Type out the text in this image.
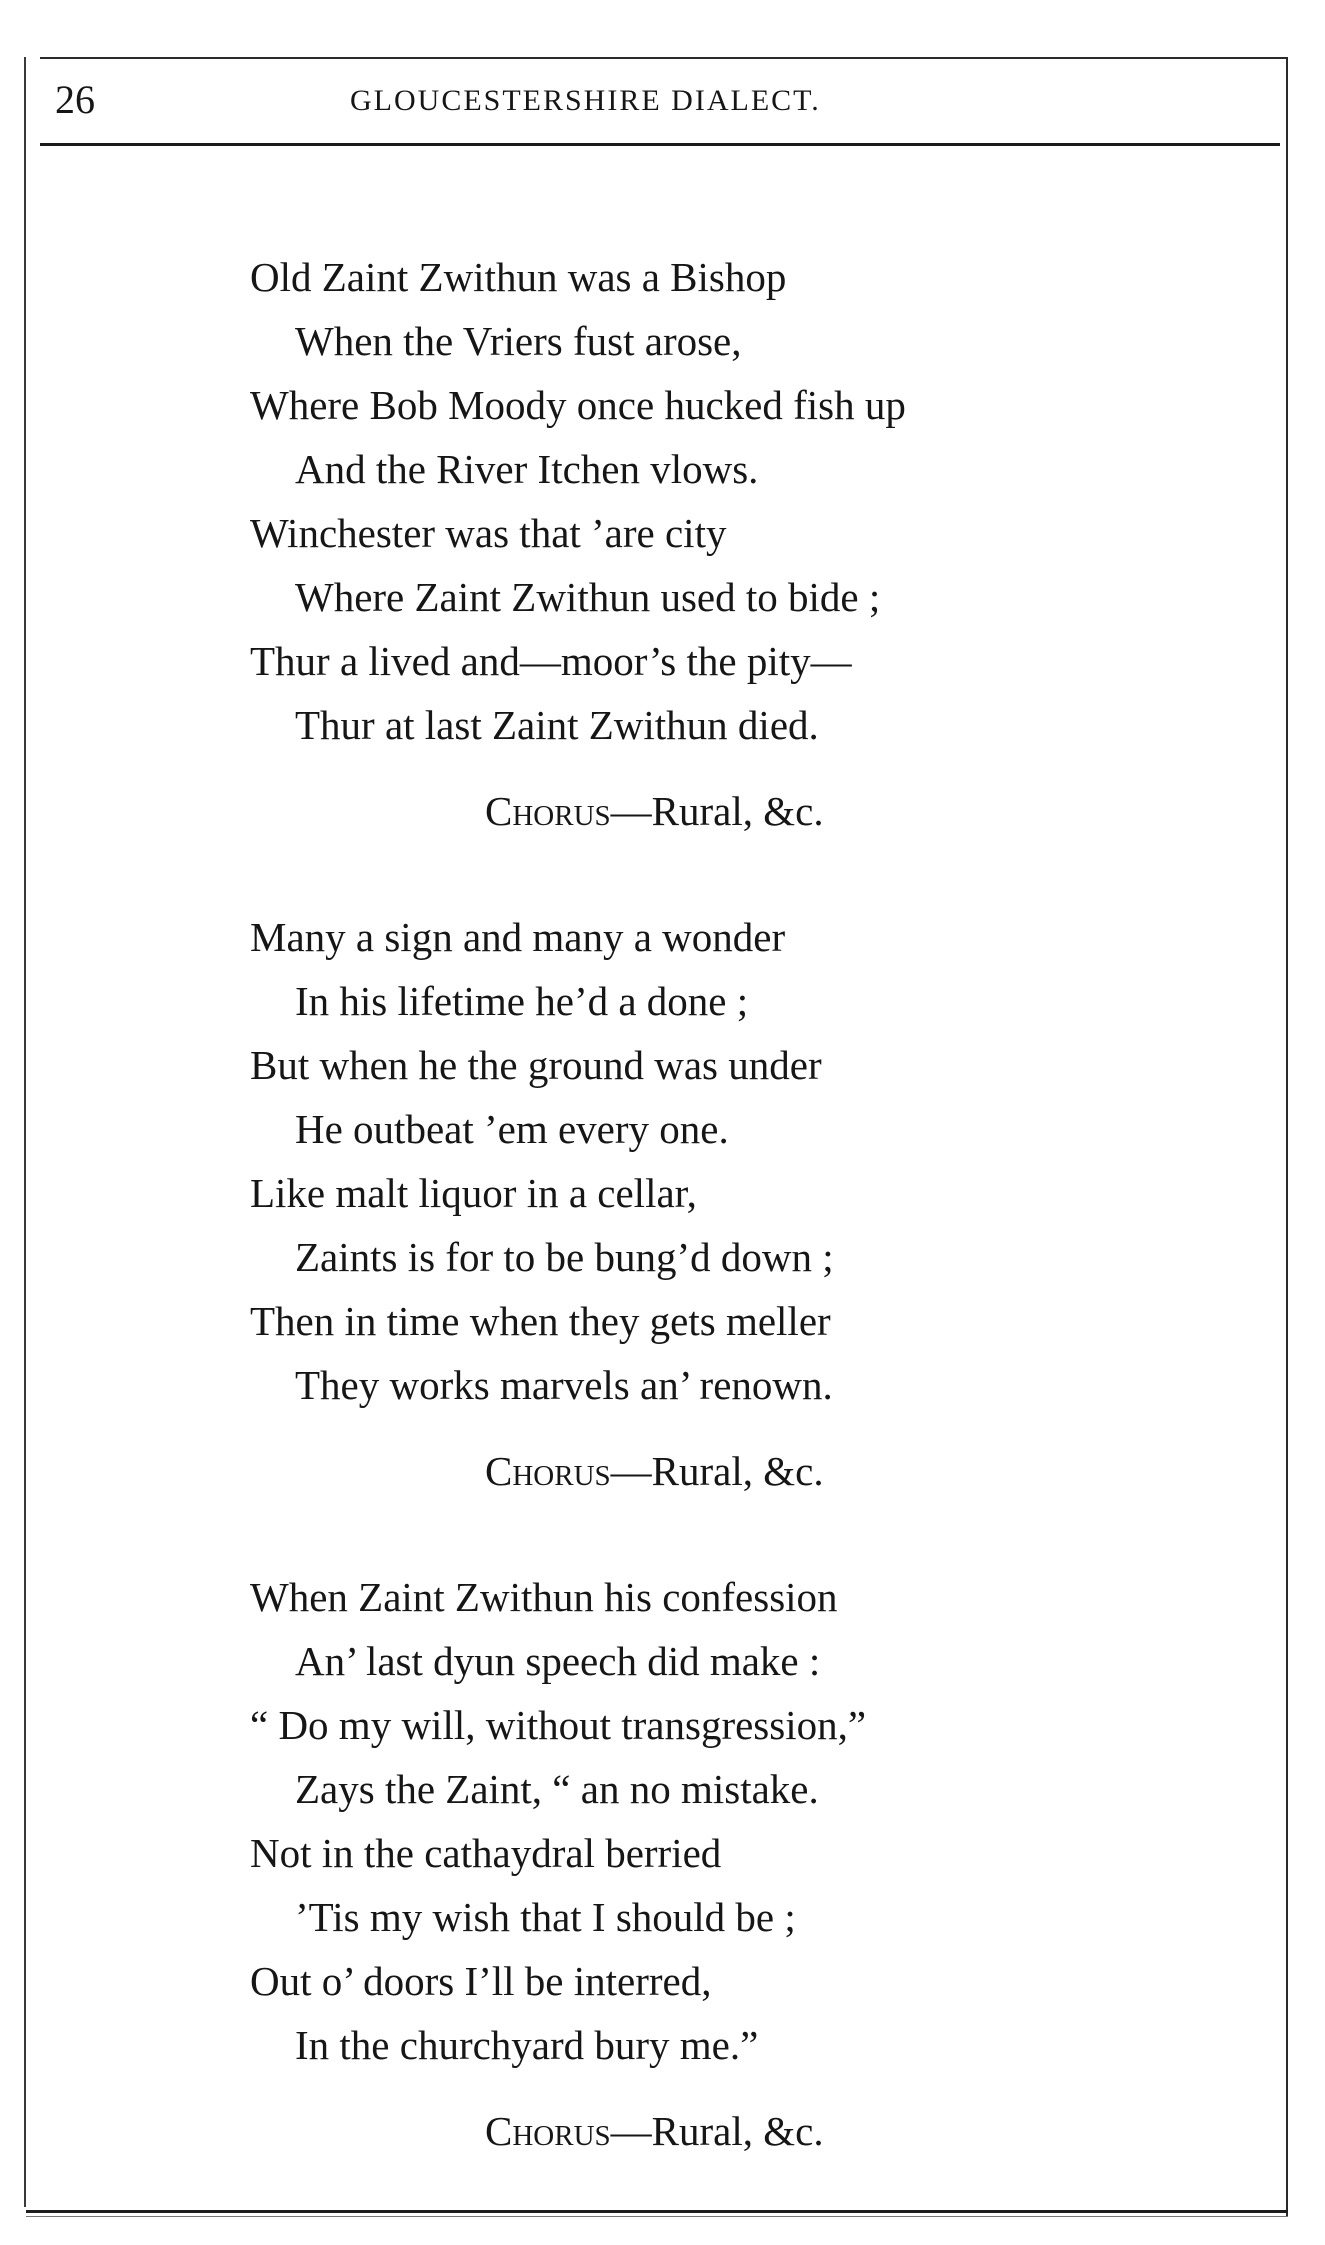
26	GLOUCESTERSHIRE DIALECT.
Old Zaint Zwithun was a Bishop
When the Vriers fust arose,
Where Bob Moody once hucked fish up
And the River Itchen vlows.
Winchester was that ’are city
Where Zaint Zwithun used to bide ;
Thur a lived and—moor’s the pity—
Thur at last Zaint Zwithun died.
Chorus—Rural, &c.
Many a sign and many a wonder
In his lifetime he’d a done ;
But when he the ground was under
He outbeat ’em every one.
Like malt liquor in a cellar,
Zaints is for to be bung’d down ;
Then in time when they gets meller
They works marvels an’ renown.
Chorus—Rural, &c.
When Zaint Zwithun his confession
An’ last dyun speech did make :
“ Do my will, without transgression,”
Zays the Zaint, “ an no mistake.
Not in the cathaydral berried
’Tis my wish that I should be ;
Out o’ doors I’ll be interred,
In the churchyard bury me.”
Chorus—Rural, &c.
